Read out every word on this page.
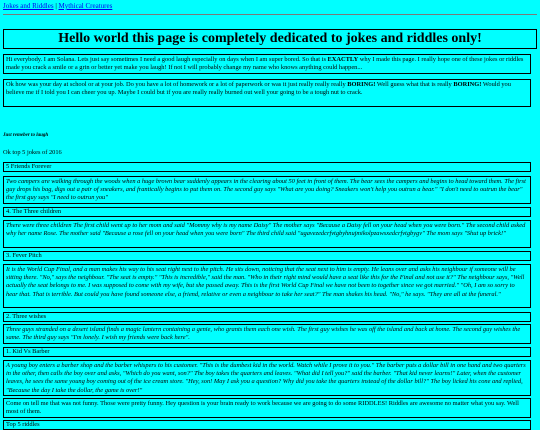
Jokes and Riddles | Mythical Creatures
Hello world this page is completely dedicated to jokes and riddles only!
Hi everybody. I am Solana. Lets just say sometimes I need a good laugh especially on days when I am super bored. So that is EXACTLY why I made this page. I really hope one of these jokes or riddles made you crack a smile or a grin or better yet make you laugh! If not I will probably change my name who knows anything could happen...
Ok how was your day at school or at your job. Do you have a lot of homework or a lot of paperwork or was it just really really really BORING! Well guess what that is really BORING! Would you believe me if I told you I can cheer you up. Maybe I could but if you are really really burned out well your going to be a tough nut to crack.
Just remeber to laugh
Ok top 5 jokes of 2016
5 Friends Forever
Two campers are walking through the woods when a huge brown bear suddenly appears in the clearing about 50 feet in front of them. The bear sees the campers and begins to head toward them. The first guy drops his bag, digs out a pair of sneakers, and frantically begins to put them on. The second guy says "What are you doing? Sneakers won't help you outrun a bear." "I don't need to outrun the bear" the first guy says "I need to outrun you"
4. The Three children
There were three children The first child went up to her mom and said "Mommy why is my name Daisy" The mother says "Because a Daisy fell on your head when you were born." The second child asked why her name Rose. The mother said "Because a rose fell on your head when you were born" The third child said "ugavezedcrfvtgbyhnujmikolpzawsxedcrfvtgbygv" The mom says "Shut up brick!"
3. Fever Pitch
It is the World Cup Final, and a man makes his way to his seat right next to the pitch. He sits down, noticing that the seat next to him is empty. He leans over and asks his neighbour if someone will be sitting there. "No," says the neighbour. "The seat is empty." "This is incredible," said the man. "Who in their right mind would have a seat like this for the Final and not use it?" The neighbour says, "Well actually the seat belongs to me. I was supposed to come with my wife, but she passed away. This is the first World Cup Final we have not been to together since we got married." "Oh, I am so sorry to hear that. That is terrible. But could you have found someone else, a friend, relative or even a neighbour to take her seat?" The man shakes his head. "No," he says. "They are all at the funeral."
2. Three wishes
Three guys stranded on a desert island finds a magic lantern containing a genie, who grants them each one wish. The first guy wishes he was off the island and back at home. The second guy wishes the same. The third guy says "I'm lonely. I wish my friends were back here".
1. Kid Vs Barber
A young boy enters a barber shop and the barber whispers to his customer. "This is the dumbest kid in the world. Watch while I prove it to you." The barber puts a dollar bill in one hand and two quarters in the other, then calls the boy over and asks, "Which do you want, son?" The boy takes the quarters and leaves. "What did I tell you?" said the barber. "That kid never learns!" Later, when the customer leaves, he sees the same young boy coming out of the ice cream store. "Hey, son! May I ask you a question? Why did you take the quarters instead of the dollar bill?" The boy licked his cone and replied, "Because the day I take the dollar, the game is over!"
Come on tell me that was not funny. Those were pretty funny. Hey question is your brain ready to work because we are going to do some RIDDLES! Riddles are awesome no matter what you say. Well most of them.
Top 5 riddles
